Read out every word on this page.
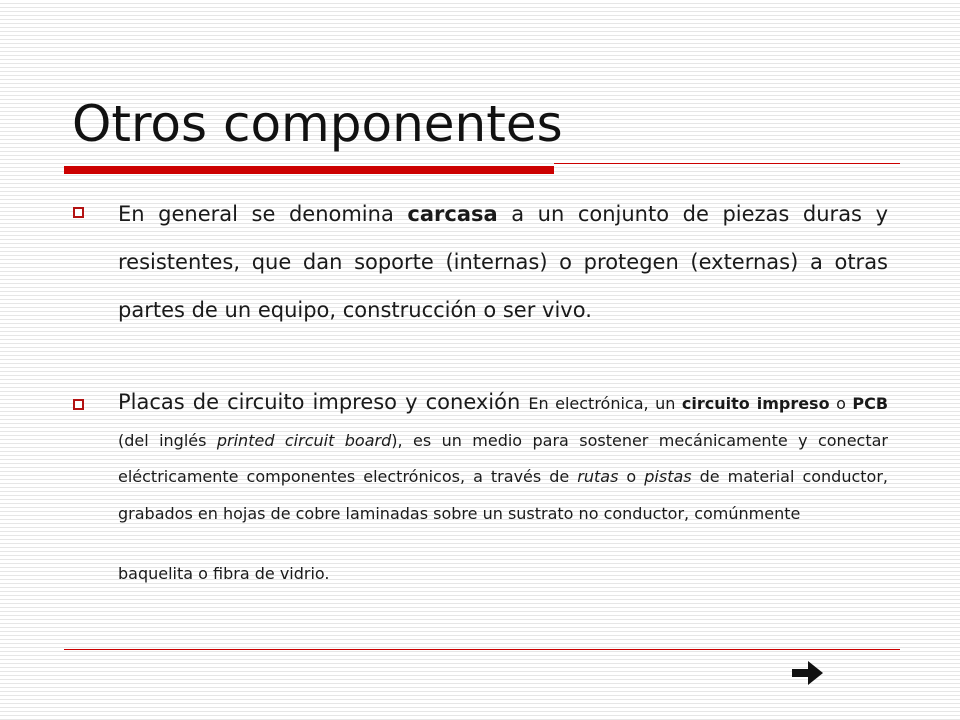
Otros componentes

En general se denomina carcasa a un conjunto de piezas duras y resistentes, que dan soporte (internas) o protegen (externas) a otras partes de un equipo, construcción o ser vivo.

Placas de circuito impreso y conexión En electrónica, un circuito impreso o PCB (del inglés printed circuit board), es un medio para sostener mecánicamente y conectar eléctricamente componentes electrónicos, a través de rutas o pistas de material conductor, grabados en hojas de cobre laminadas sobre un sustrato no conductor, comúnmente
baquelita o fibra de vidrio.
